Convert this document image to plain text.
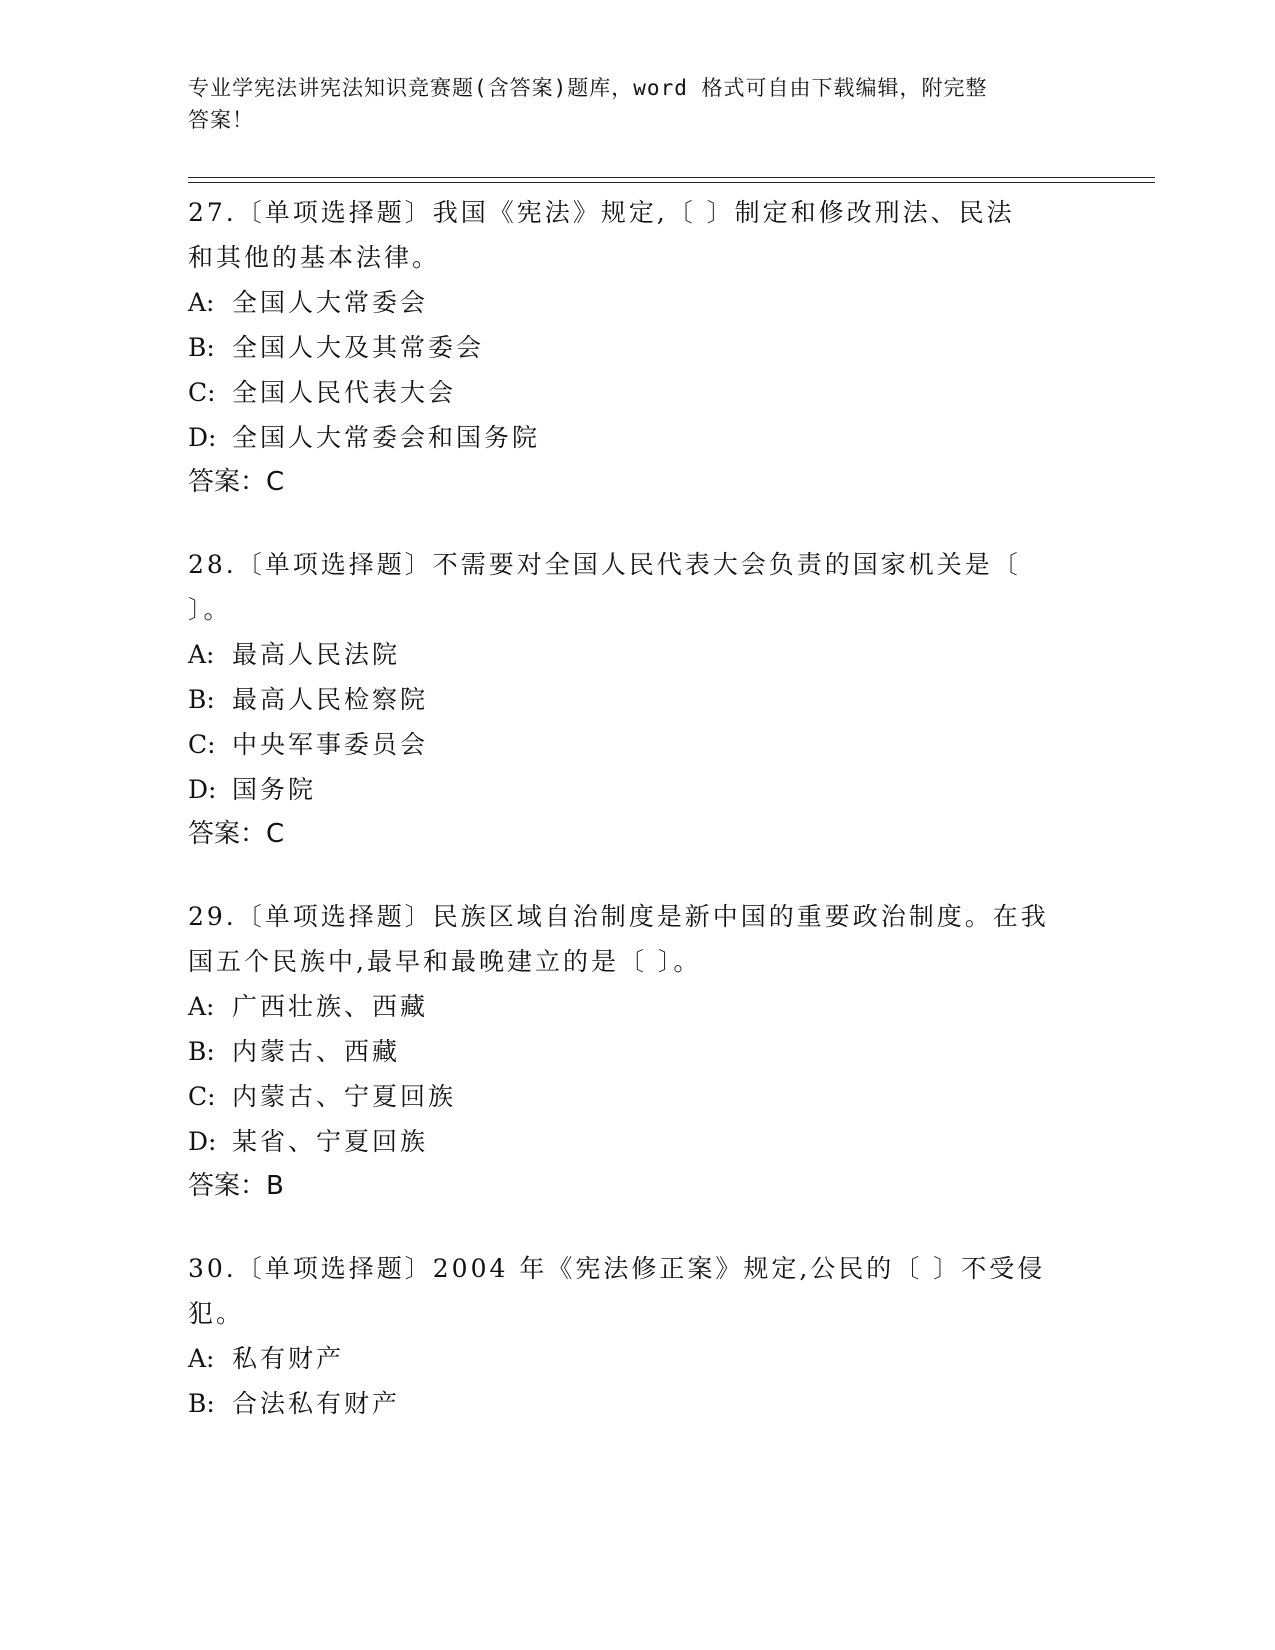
专业学宪法讲宪法知识竞赛题(含答案)题库，word 格式可自由下载编辑，附完整
答案！
27.〔单项选择题〕我国《宪法》规定,〔 〕制定和修改刑法、民法
和其他的基本法律。
A: 全国人大常委会
B: 全国人大及其常委会
C: 全国人民代表大会
D: 全国人大常委会和国务院
答案：C
28.〔单项选择题〕不需要对全国人民代表大会负责的国家机关是〔
〕。
A: 最高人民法院
B: 最高人民检察院
C: 中央军事委员会
D: 国务院
答案：C
29.〔单项选择题〕民族区域自治制度是新中国的重要政治制度。在我
国五个民族中,最早和最晚建立的是〔 〕。
A: 广西壮族、西藏
B: 内蒙古、西藏
C: 内蒙古、宁夏回族
D: 某省、宁夏回族
答案：B
30.〔单项选择题〕2004 年《宪法修正案》规定,公民的〔 〕不受侵
犯。
A: 私有财产
B: 合法私有财产
